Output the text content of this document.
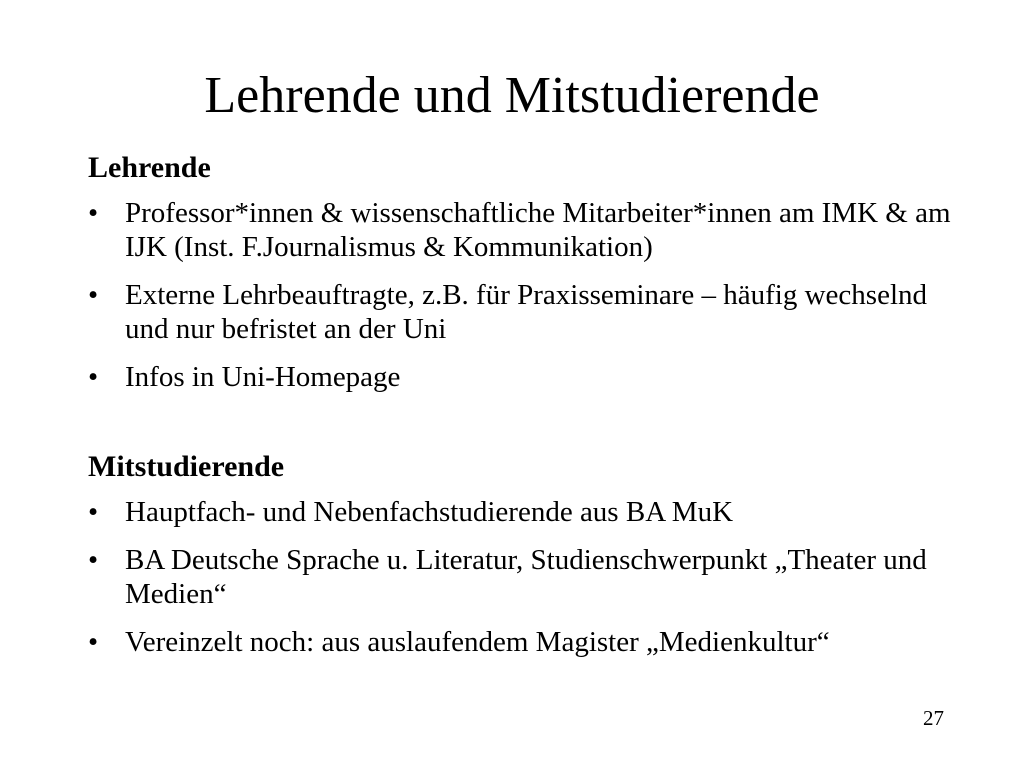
Lehrende und Mitstudierende
Lehrende
• Professor*innen & wissenschaftliche Mitarbeiter*innen am IMK & am IJK (Inst. F.Journalismus & Kommunikation)
• Externe Lehrbeauftragte, z.B. für Praxisseminare – häufig wechselnd und nur befristet an der Uni
• Infos in Uni-Homepage
Mitstudierende
• Hauptfach- und Nebenfachstudierende aus BA MuK
• BA Deutsche Sprache u. Literatur, Studienschwerpunkt „Theater und Medien“
• Vereinzelt noch: aus auslaufendem Magister „Medienkultur“
27
